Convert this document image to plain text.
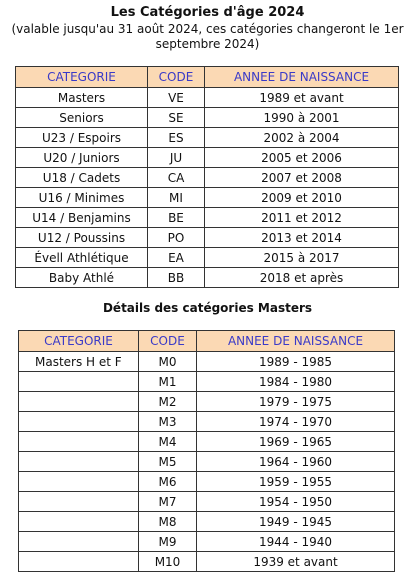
Les Catégories d'âge 2024
(valable jusqu'au 31 août 2024, ces catégories changeront le 1er
septembre 2024)
CATEGORIE	CODE	ANNEE DE NAISSANCE
Masters	VE	1989 et avant
Seniors	SE	1990 à 2001
U23 / Espoirs	ES	2002 à 2004
U20 / Juniors	JU	2005 et 2006
U18 / Cadets	CA	2007 et 2008
U16 / Minimes	MI	2009 et 2010
U14 / Benjamins	BE	2011 et 2012
U12 / Poussins	PO	2013 et 2014
Évell Athlétique	EA	2015 à 2017
Baby Athlé	BB	2018 et après
Détails des catégories Masters
CATEGORIE	CODE	ANNEE DE NAISSANCE
Masters H et F	M0	1989 - 1985
	M1	1984 - 1980
	M2	1979 - 1975
	M3	1974 - 1970
	M4	1969 - 1965
	M5	1964 - 1960
	M6	1959 - 1955
	M7	1954 - 1950
	M8	1949 - 1945
	M9	1944 - 1940
	M10	1939 et avant
